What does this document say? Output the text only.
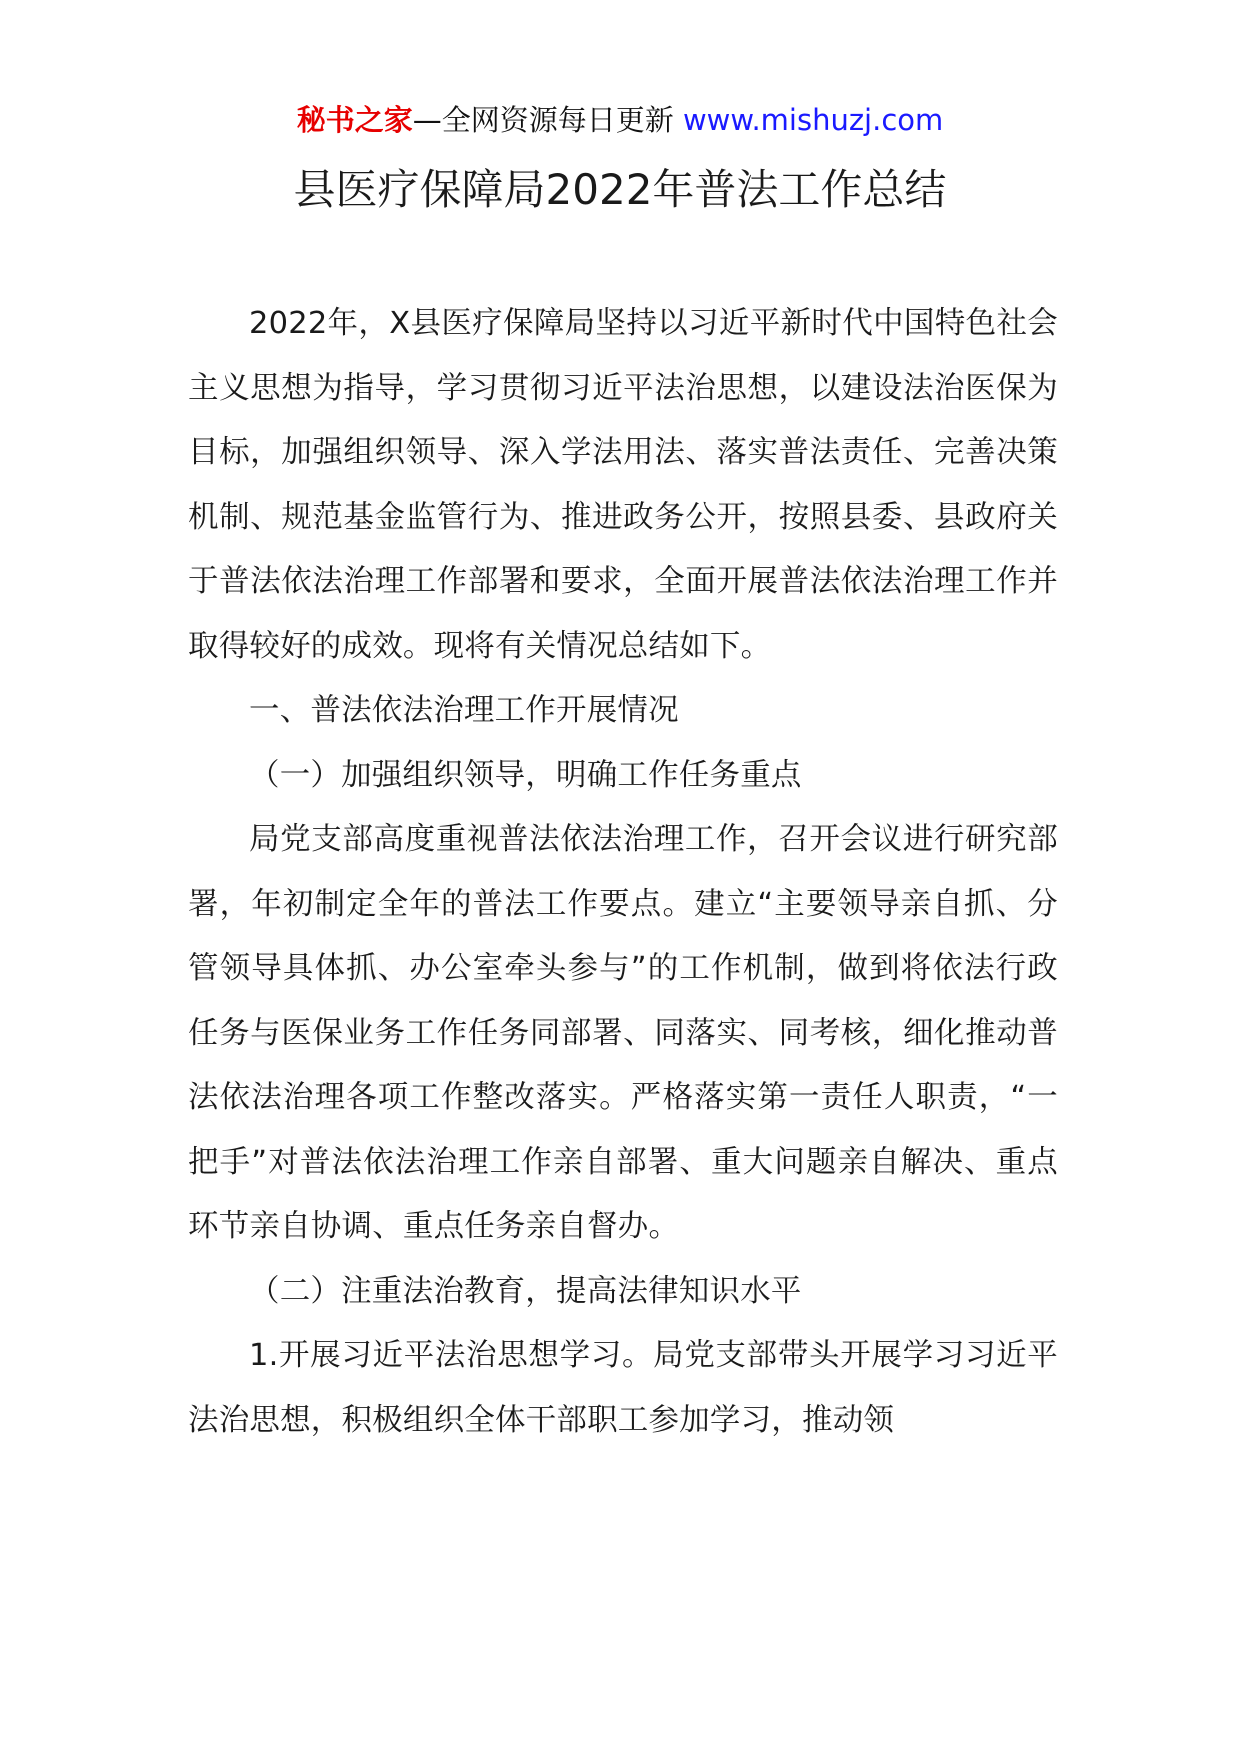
秘书之家—全网资源每日更新 www.mishuzj.com
县医疗保障局2022年普法工作总结

2022年，X县医疗保障局坚持以习近平新时代中国特色社会主义思想为指导，学习贯彻习近平法治思想，以建设法治医保为目标，加强组织领导、深入学法用法、落实普法责任、完善决策机制、规范基金监管行为、推进政务公开，按照县委、县政府关于普法依法治理工作部署和要求，全面开展普法依法治理工作并取得较好的成效。现将有关情况总结如下。

一、普法依法治理工作开展情况

（一）加强组织领导，明确工作任务重点

局党支部高度重视普法依法治理工作，召开会议进行研究部署，年初制定全年的普法工作要点。建立“主要领导亲自抓、分管领导具体抓、办公室牵头参与”的工作机制，做到将依法行政任务与医保业务工作任务同部署、同落实、同考核，细化推动普法依法治理各项工作整改落实。严格落实第一责任人职责，“一把手”对普法依法治理工作亲自部署、重大问题亲自解决、重点环节亲自协调、重点任务亲自督办。

（二）注重法治教育，提高法律知识水平

1.开展习近平法治思想学习。局党支部带头开展学习习近平法治思想，积极组织全体干部职工参加学习，推动领
